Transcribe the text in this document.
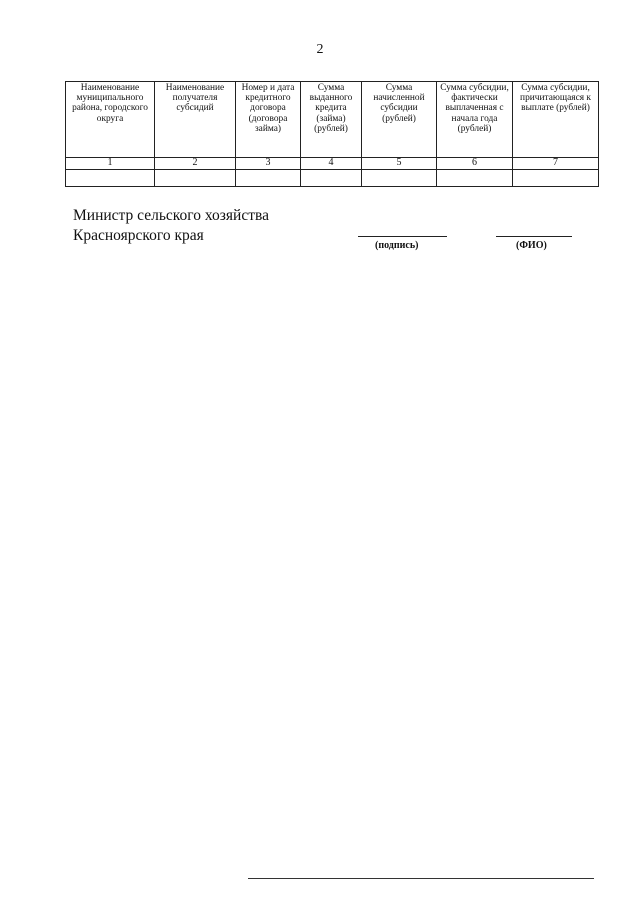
2
Наименование муниципального района, городского округа	Наименование получателя субсидий	Номер и дата кредитного договора (договора займа)	Сумма выданного кредита (займа) (рублей)	Сумма начисленной субсидии (рублей)	Сумма субсидии, фактически выплаченная с начала года (рублей)	Сумма субсидии, причитающаяся к выплате (рублей)
1	2	3	4	5	6	7

Министр сельского хозяйства
Красноярского края
(подпись)	(ФИО)
